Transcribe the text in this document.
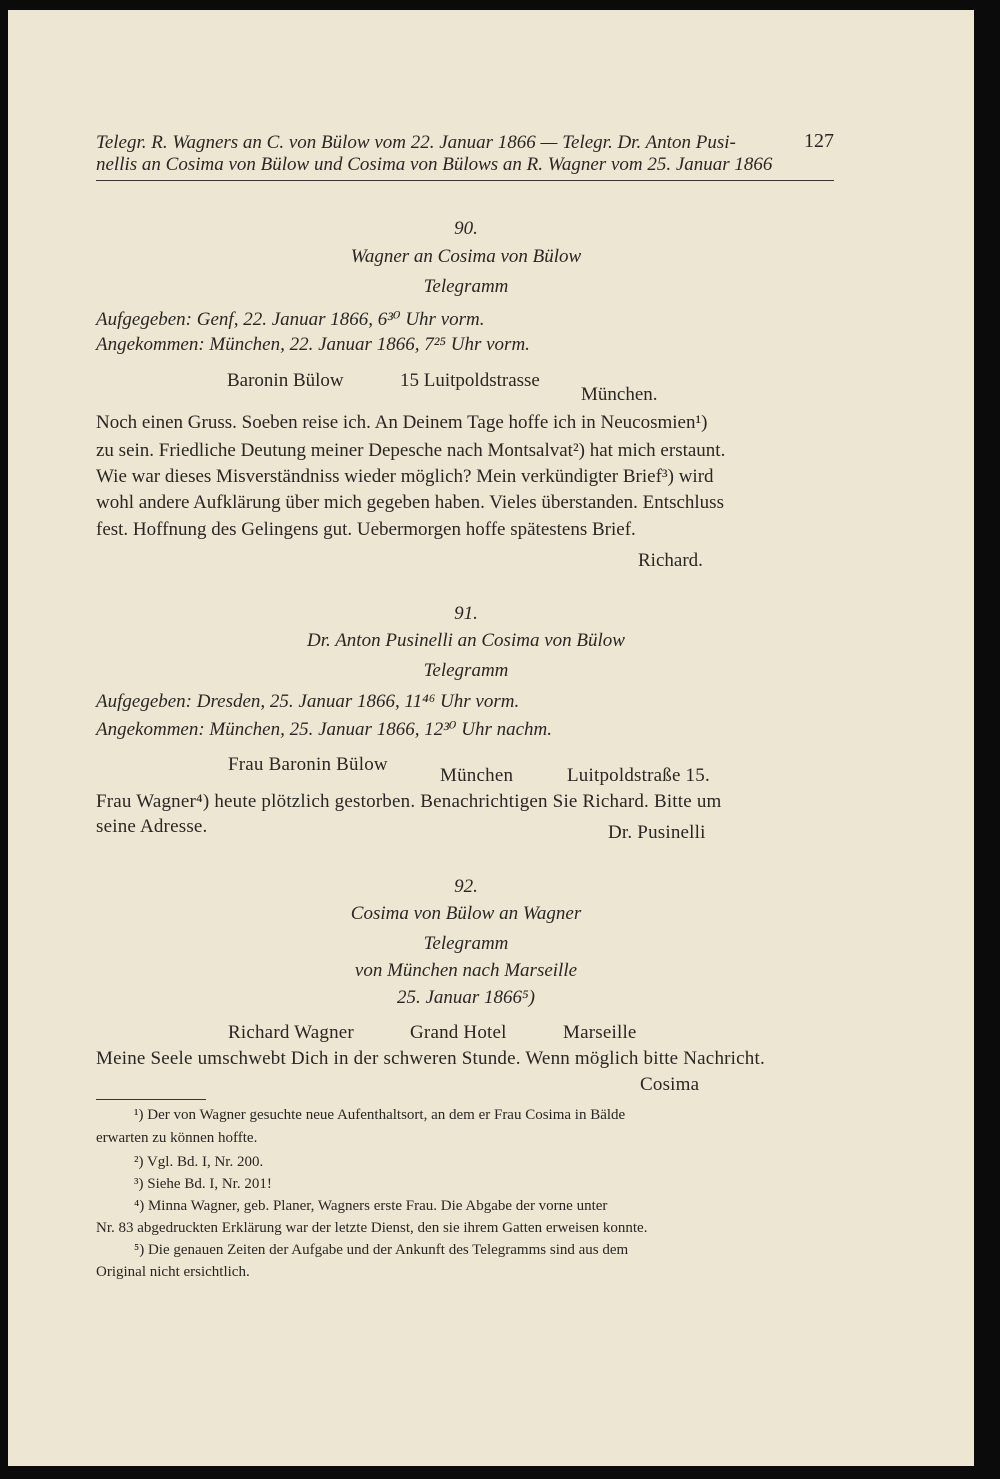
Telegr. R. Wagners an C. von Bülow vom 22. Januar 1866 — Telegr. Dr. Anton Pusi-	127
nellis an Cosima von Bülow und Cosima von Bülows an R. Wagner vom 25. Januar 1866
90.
Wagner an Cosima von Bülow
Telegramm
Aufgegeben: Genf, 22. Januar 1866, 6³⁰ Uhr vorm.
Angekommen: München, 22. Januar 1866, 7²⁵ Uhr vorm.
Baronin Bülow	15 Luitpoldstrasse
München.
Noch einen Gruss. Soeben reise ich. An Deinem Tage hoffe ich in Neucosmien¹)
zu sein. Friedliche Deutung meiner Depesche nach Montsalvat²) hat mich erstaunt.
Wie war dieses Misverständniss wieder möglich? Mein verkündigter Brief³) wird
wohl andere Aufklärung über mich gegeben haben. Vieles überstanden. Entschluss
fest. Hoffnung des Gelingens gut. Uebermorgen hoffe spätestens Brief.
Richard.
91.
Dr. Anton Pusinelli an Cosima von Bülow
Telegramm
Aufgegeben: Dresden, 25. Januar 1866, 11⁴⁶ Uhr vorm.
Angekommen: München, 25. Januar 1866, 12³⁰ Uhr nachm.
Frau Baronin Bülow
München	Luitpoldstraße 15.
Frau Wagner⁴) heute plötzlich gestorben. Benachrichtigen Sie Richard. Bitte um
seine Adresse.	Dr. Pusinelli
92.
Cosima von Bülow an Wagner
Telegramm
von München nach Marseille
25. Januar 1866⁵)
Richard Wagner	Grand Hotel	Marseille
Meine Seele umschwebt Dich in der schweren Stunde. Wenn möglich bitte Nachricht.
Cosima
¹) Der von Wagner gesuchte neue Aufenthaltsort, an dem er Frau Cosima in Bälde
erwarten zu können hoffte.
²) Vgl. Bd. I, Nr. 200.
³) Siehe Bd. I, Nr. 201!
⁴) Minna Wagner, geb. Planer, Wagners erste Frau. Die Abgabe der vorne unter
Nr. 83 abgedruckten Erklärung war der letzte Dienst, den sie ihrem Gatten erweisen konnte.
⁵) Die genauen Zeiten der Aufgabe und der Ankunft des Telegramms sind aus dem
Original nicht ersichtlich.
